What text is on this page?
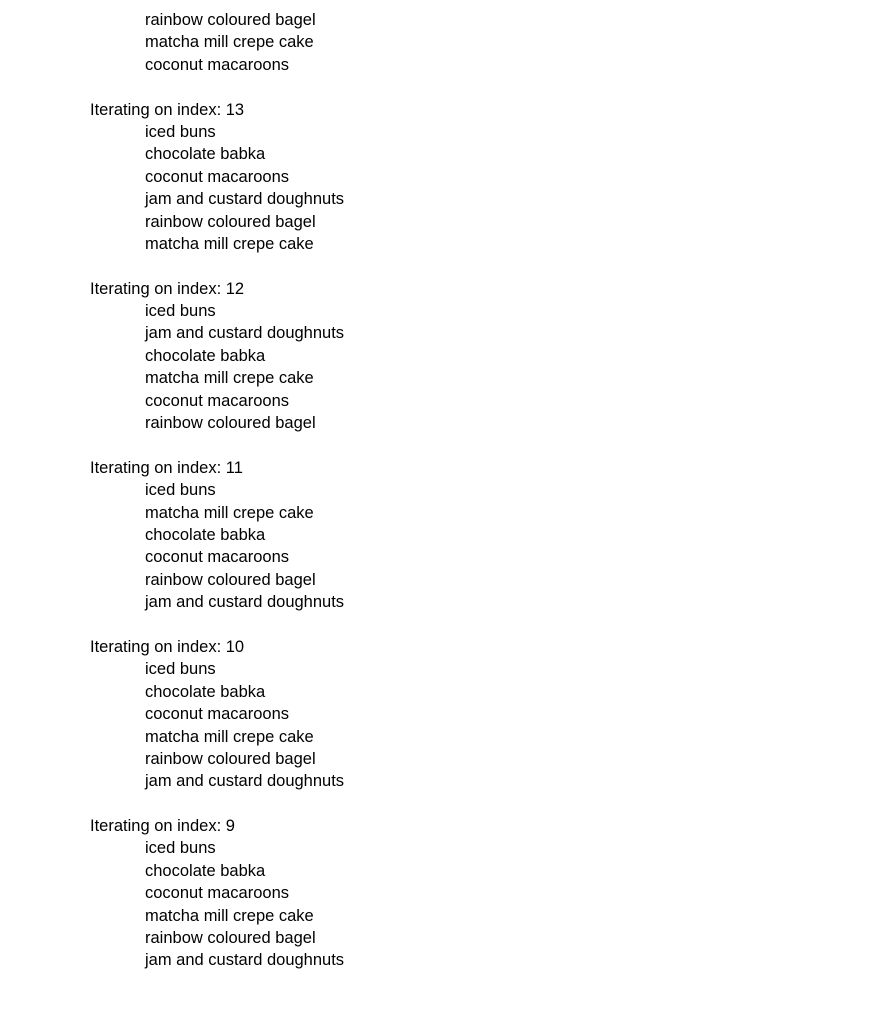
rainbow coloured bagel
matcha mill crepe cake
coconut macaroons
Iterating on index: 13
iced buns
chocolate babka
coconut macaroons
jam and custard doughnuts
rainbow coloured bagel
matcha mill crepe cake
Iterating on index: 12
iced buns
jam and custard doughnuts
chocolate babka
matcha mill crepe cake
coconut macaroons
rainbow coloured bagel
Iterating on index: 11
iced buns
matcha mill crepe cake
chocolate babka
coconut macaroons
rainbow coloured bagel
jam and custard doughnuts
Iterating on index: 10
iced buns
chocolate babka
coconut macaroons
matcha mill crepe cake
rainbow coloured bagel
jam and custard doughnuts
Iterating on index: 9
iced buns
chocolate babka
coconut macaroons
matcha mill crepe cake
rainbow coloured bagel
jam and custard doughnuts
